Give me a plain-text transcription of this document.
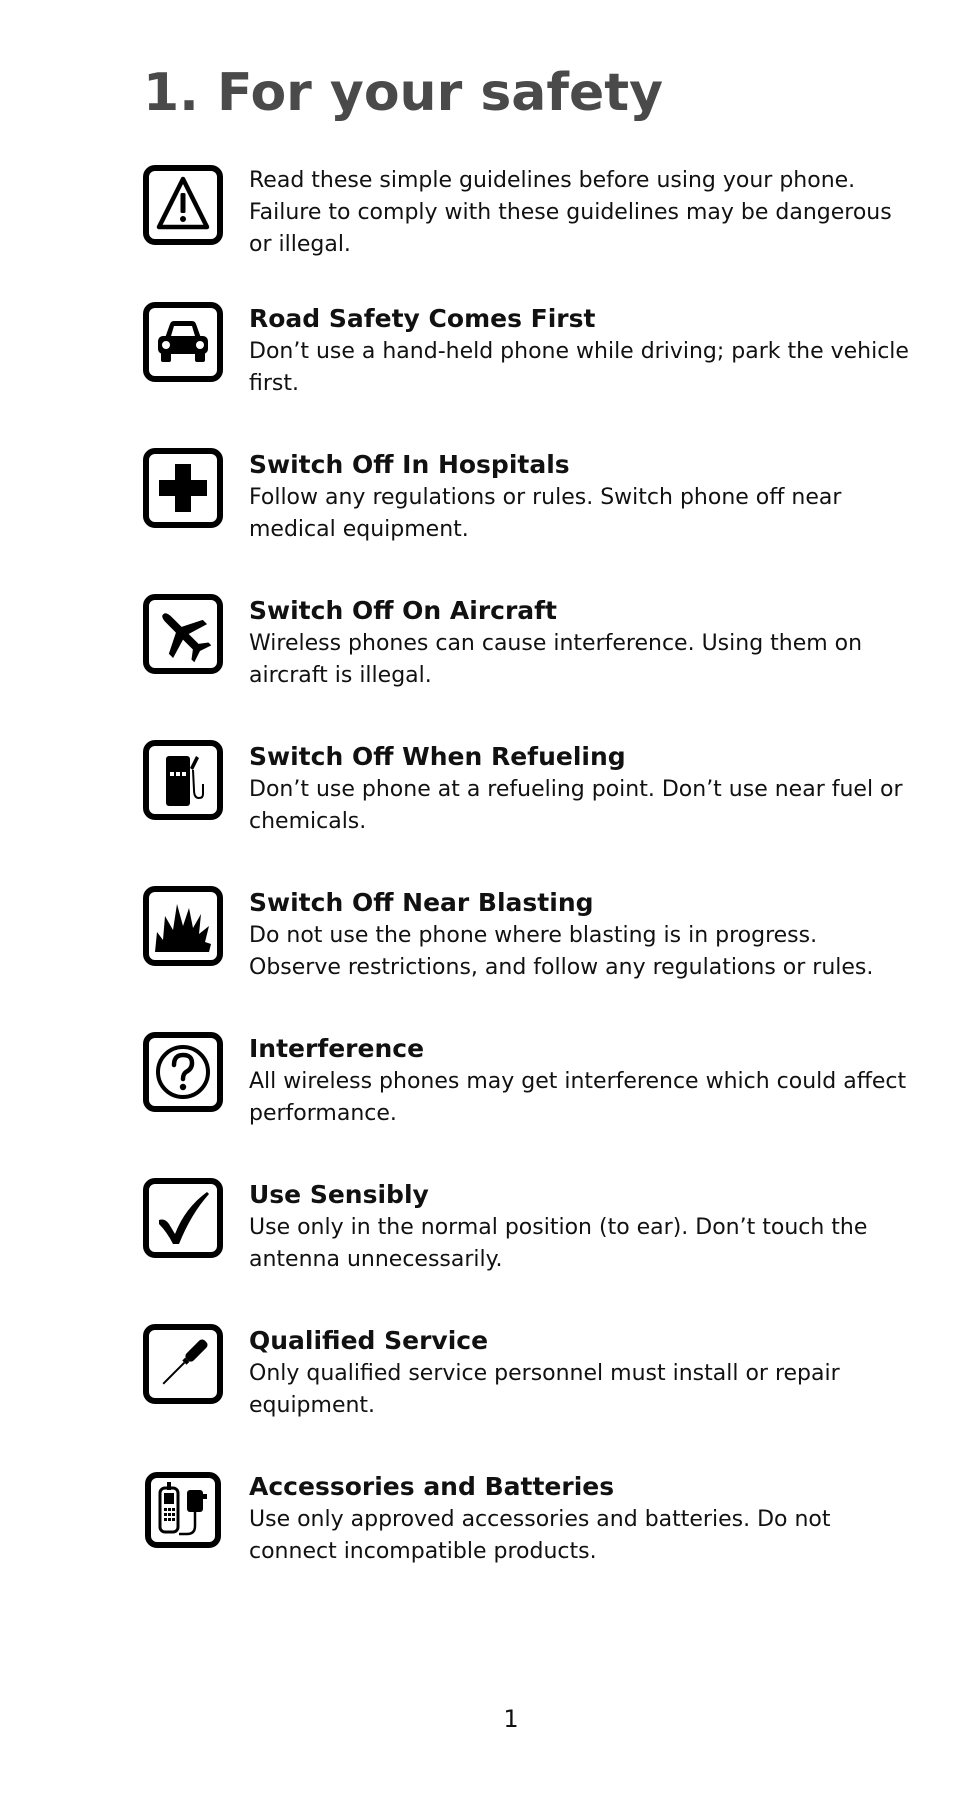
1. For your safety
Read these simple guidelines before using your phone. Failure to comply with these guidelines may be dangerous or illegal.
Road Safety Comes First
Don’t use a hand-held phone while driving; park the vehicle first.
Switch Off In Hospitals
Follow any regulations or rules. Switch phone off near medical equipment.
Switch Off On Aircraft
Wireless phones can cause interference. Using them on aircraft is illegal.
Switch Off When Refueling
Don’t use phone at a refueling point. Don’t use near fuel or chemicals.
Switch Off Near Blasting
Do not use the phone where blasting is in progress. Observe restrictions, and follow any regulations or rules.
Interference
All wireless phones may get interference which could affect performance.
Use Sensibly
Use only in the normal position (to ear). Don’t touch the antenna unnecessarily.
Qualified Service
Only qualified service personnel must install or repair equipment.
Accessories and Batteries
Use only approved accessories and batteries. Do not connect incompatible products.
1
